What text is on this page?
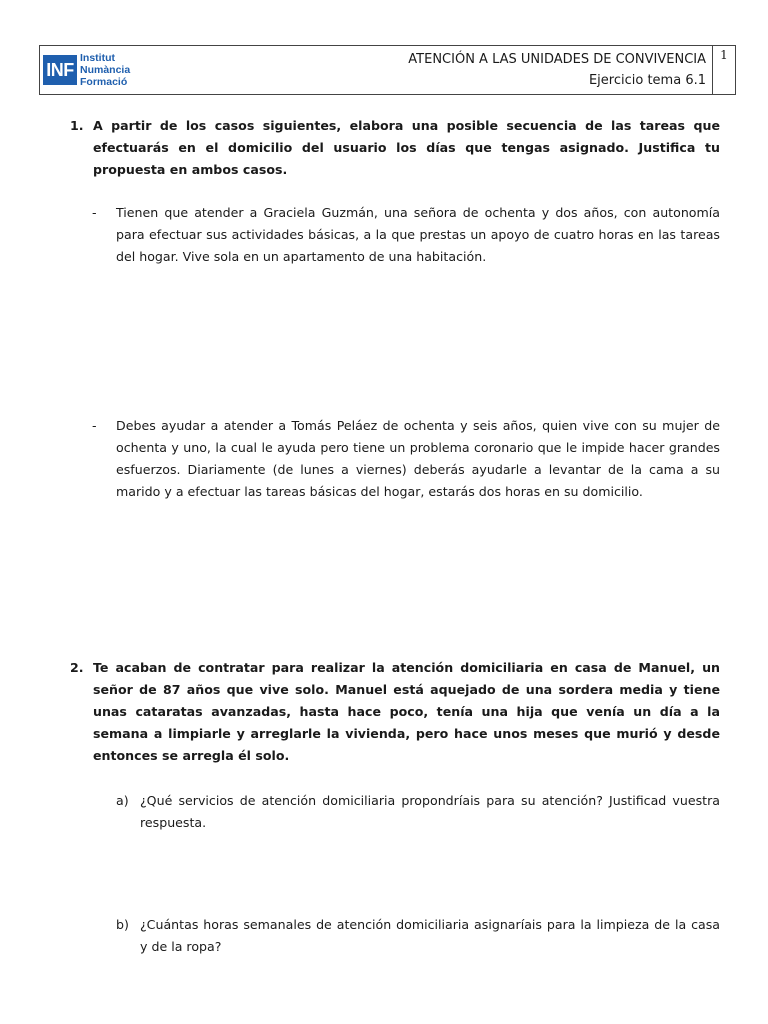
INF
Institut
Numància
Formació
ATENCIÓN A LAS UNIDADES DE CONVIVENCIA
Ejercicio tema 6.1
1
1. A partir de los casos siguientes, elabora una posible secuencia de las tareas que efectuarás en el domicilio del usuario los días que tengas asignado. Justifica tu propuesta en ambos casos.
- Tienen que atender a Graciela Guzmán, una señora de ochenta y dos años, con autonomía para efectuar sus actividades básicas, a la que prestas un apoyo de cuatro horas en las tareas del hogar. Vive sola en un apartamento de una habitación.
- Debes ayudar a atender a Tomás Peláez de ochenta y seis años, quien vive con su mujer de ochenta y uno, la cual le ayuda pero tiene un problema coronario que le impide hacer grandes esfuerzos. Diariamente (de lunes a viernes) deberás ayudarle a levantar de la cama a su marido y a efectuar las tareas básicas del hogar, estarás dos horas en su domicilio.
2. Te acaban de contratar para realizar la atención domiciliaria en casa de Manuel, un señor de 87 años que vive solo. Manuel está aquejado de una sordera media y tiene unas cataratas avanzadas, hasta hace poco, tenía una hija que venía un día a la semana a limpiarle y arreglarle la vivienda, pero hace unos meses que murió y desde entonces se arregla él solo.
a) ¿Qué servicios de atención domiciliaria propondríais para su atención? Justificad vuestra respuesta.
b) ¿Cuántas horas semanales de atención domiciliaria asignaríais para la limpieza de la casa y de la ropa?
